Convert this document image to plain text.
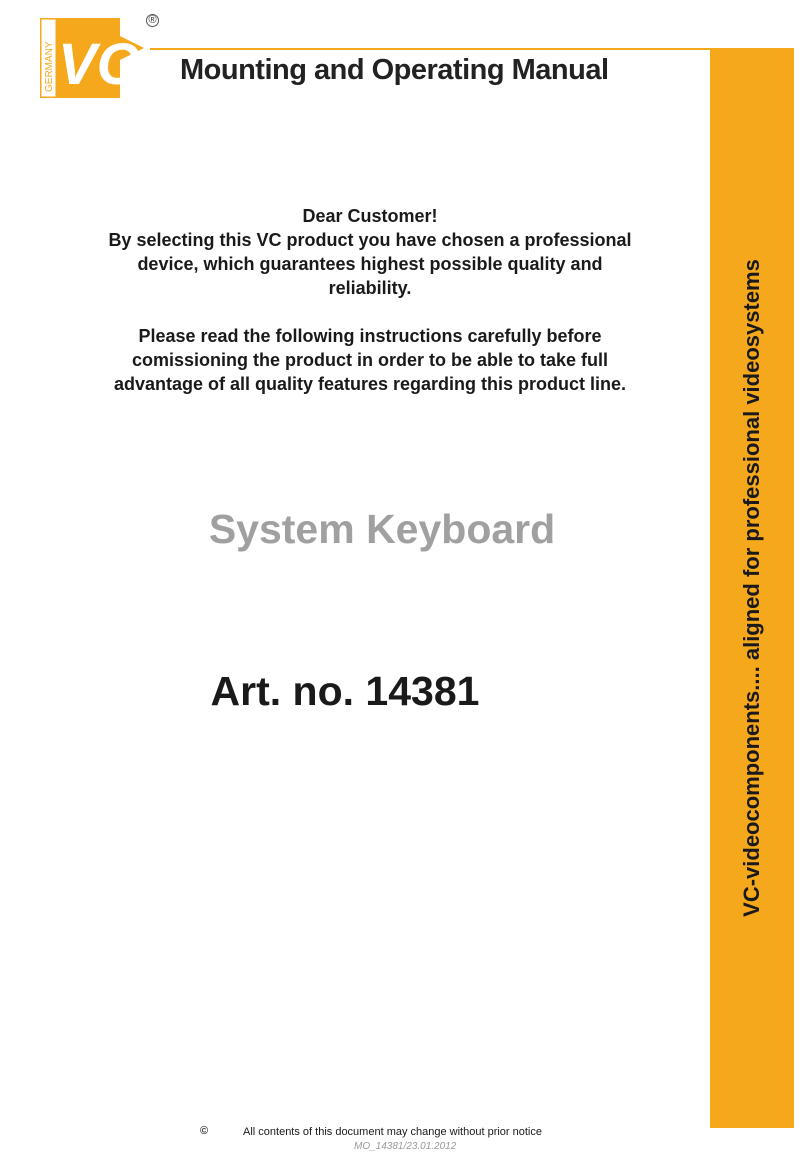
GERMANY VC
®
Mounting and Operating Manual
VC-videocomponents.... aligned for professional videosystems

Dear Customer!

By selecting this VC product you have chosen a professional

device, which guarantees highest possible quality and

reliability.

Please read the following instructions carefully before

comissioning the product in order to be able to take full

advantage of all quality features regarding this product line.

System Keyboard
Art. no. 14381
©	All contents of this document may change without prior notice
MO_14381/23.01.2012
